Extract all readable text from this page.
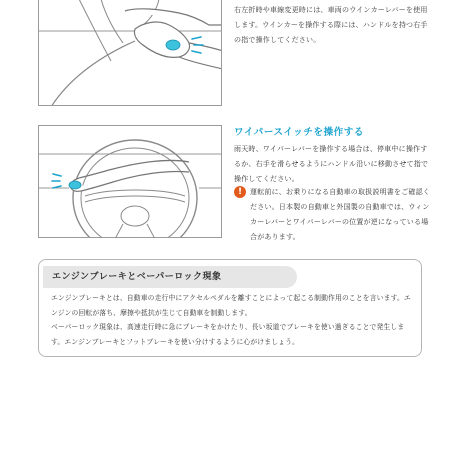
右左折時や車線変更時には、車両のウインカーレバーを使用します。ウインカーを操作する際には、ハンドルを持つ右手の指で操作してください。
ワイパースイッチを操作する
雨天時、ワイパーレバーを操作する場合は、停車中に操作するか、右手を滑らせるようにハンドル沿いに移動させて指で操作してください。
!	運転前に、お乗りになる自動車の取扱説明書をご確認ください。日本製の自動車と外国製の自動車では、ウィンカーレバーとワイパーレバーの位置が逆になっている場合があります。
エンジンブレーキとベーパーロック現象

エンジンブレーキとは、自動車の走行中にアクセルペダルを離すことによって起こる制動作用のことを言います。エンジンの回転が落ち、摩擦や抵抗が生じて自動車を制動します。

ベーパーロック現象は、高速走行時に急にブレーキをかけたり、長い坂道でブレーキを使い過ぎることで発生します。エンジンブレーキとフットブレーキを使い分けするように心がけましょう。
